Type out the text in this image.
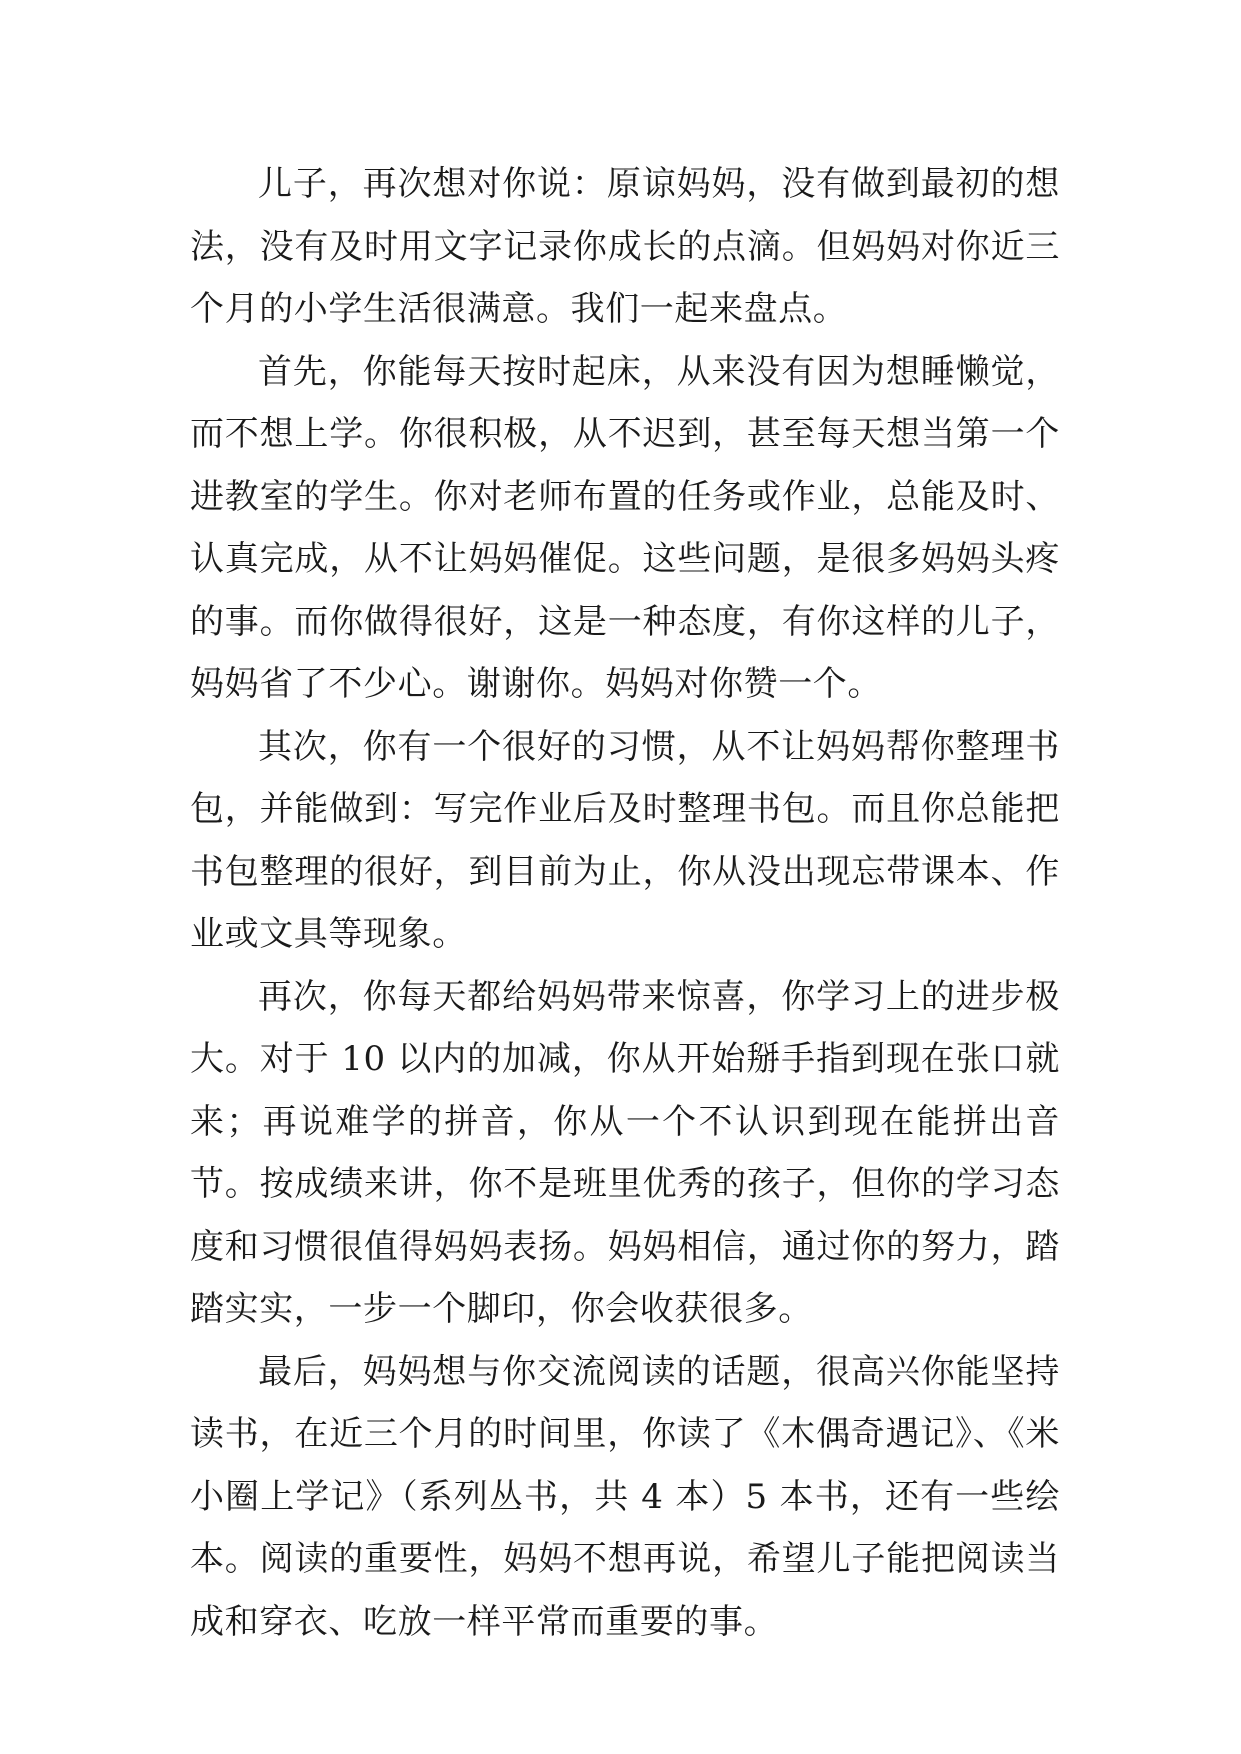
儿子，再次想对你说：原谅妈妈，没有做到最初的想法，没有及时用文字记录你成长的点滴。但妈妈对你近三个月的小学生活很满意。我们一起来盘点。

首先，你能每天按时起床，从来没有因为想睡懒觉，而不想上学。你很积极，从不迟到，甚至每天想当第一个进教室的学生。你对老师布置的任务或作业，总能及时、认真完成，从不让妈妈催促。这些问题，是很多妈妈头疼的事。而你做得很好，这是一种态度，有你这样的儿子，妈妈省了不少心。谢谢你。妈妈对你赞一个。

其次，你有一个很好的习惯，从不让妈妈帮你整理书包，并能做到：写完作业后及时整理书包。而且你总能把书包整理的很好，到目前为止，你从没出现忘带课本、作业或文具等现象。

再次，你每天都给妈妈带来惊喜，你学习上的进步极大。对于 10 以内的加减，你从开始掰手指到现在张口就来；再说难学的拼音，你从一个不认识到现在能拼出音节。按成绩来讲，你不是班里优秀的孩子，但你的学习态度和习惯很值得妈妈表扬。妈妈相信，通过你的努力，踏踏实实，一步一个脚印，你会收获很多。

最后，妈妈想与你交流阅读的话题，很高兴你能坚持读书，在近三个月的时间里，你读了《木偶奇遇记》、《米小圈上学记》（系列丛书，共 4 本）5 本书，还有一些绘本。阅读的重要性，妈妈不想再说，希望儿子能把阅读当成和穿衣、吃放一样平常而重要的事。
